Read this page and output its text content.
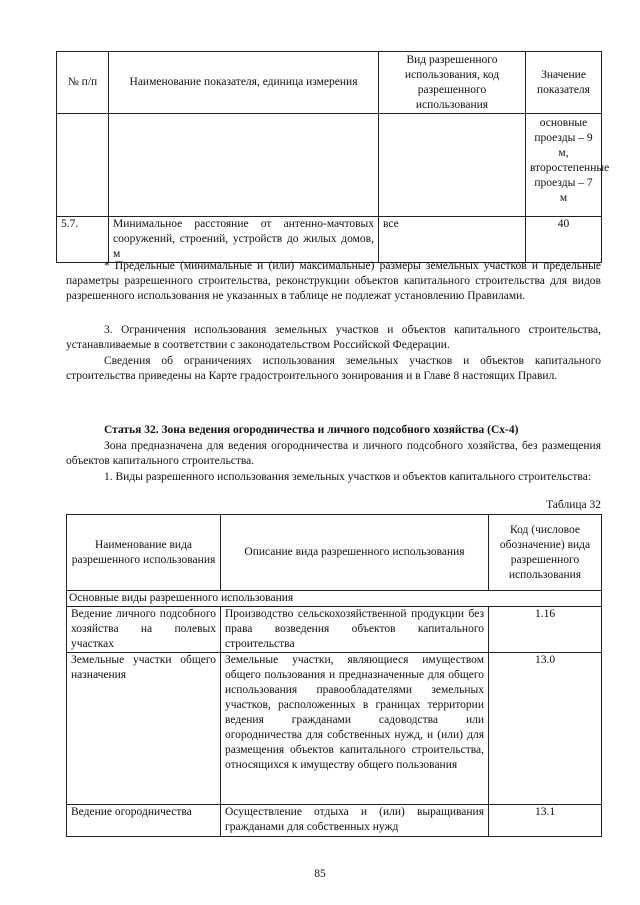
№ п/п	Наименование показателя, единица измерения	Вид разрешенного использования, код разрешенного использования	Значение показателя
			основные проезды – 9 м, второстепенные проезды – 7 м
5.7.	Минимальное расстояние от антенно-мачтовых сооружений, строений, устройств до жилых домов, м	все	40
* Предельные (минимальные и (или) максимальные) размеры земельных участков и предельные параметры разрешенного строительства, реконструкции объектов капитального строительства для видов разрешенного использования не указанных в таблице не подлежат установлению Правилами.
3. Ограничения использования земельных участков и объектов капитального строительства, устанавливаемые в соответствии с законодательством Российской Федерации.
Сведения об ограничениях использования земельных участков и объектов капитального строительства приведены на Карте градостроительного зонирования и в Главе 8 настоящих Правил.
Статья 32. Зона ведения огородничества и личного подсобного хозяйства (Сх-4)
Зона предназначена для ведения огородничества и личного подсобного хозяйства, без размещения объектов капитального строительства.
1. Виды разрешенного использования земельных участков и объектов капитального строительства:
Таблица 32
Наименование вида разрешенного использования	Описание вида разрешенного использования	Код (числовое обозначение) вида разрешенного использования
Основные виды разрешенного использования		
Ведение личного подсобного хозяйства на полевых участках	Производство сельскохозяйственной продукции без права возведения объектов капитального строительства	1.16
Земельные участки общего назначения	Земельные участки, являющиеся имуществом общего пользования и предназначенные для общего использования правообладателями земельных участков, расположенных в границах территории ведения гражданами садоводства или огородничества для собственных нужд, и (или) для размещения объектов капитального строительства, относящихся к имуществу общего пользования	13.0
Ведение огородничества	Осуществление отдыха и (или) выращивания гражданами для собственных нужд	13.1
85
